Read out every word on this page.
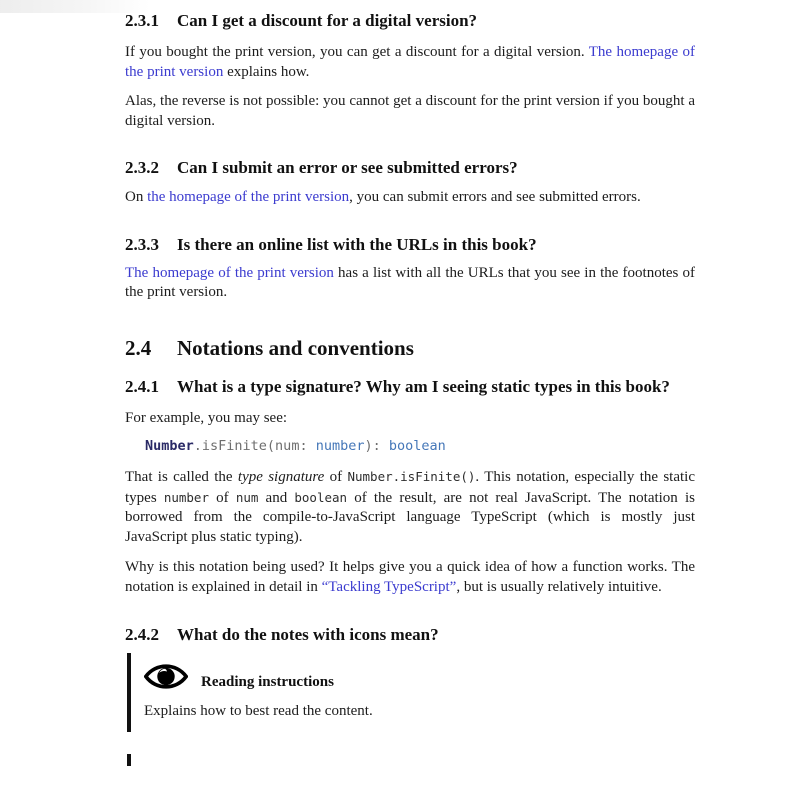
2.3.1	Can I get a discount for a digital version?

If you bought the print version, you can get a discount for a digital version. The homepage of the print version explains how.

Alas, the reverse is not possible: you cannot get a discount for the print version if you bought a digital version.

2.3.2	Can I submit an error or see submitted errors?

On the homepage of the print version, you can submit errors and see submitted errors.

2.3.3	Is there an online list with the URLs in this book?

The homepage of the print version has a list with all the URLs that you see in the footnotes of the print version.

2.4	Notations and conventions
2.4.1	What is a type signature? Why am I seeing static types in this book?

For example, you may see:

Number.isFinite(num: number): boolean

That is called the type signature of Number.isFinite(). This notation, especially the static types number of num and boolean of the result, are not real JavaScript. The notation is borrowed from the compile-to-JavaScript language TypeScript (which is mostly just JavaScript plus static typing).

Why is this notation being used? It helps give you a quick idea of how a function works. The notation is explained in detail in “Tackling TypeScript”, but is usually relatively intuitive.

2.4.2	What do the notes with icons mean?
Reading instructions

Explains how to best read the content.
